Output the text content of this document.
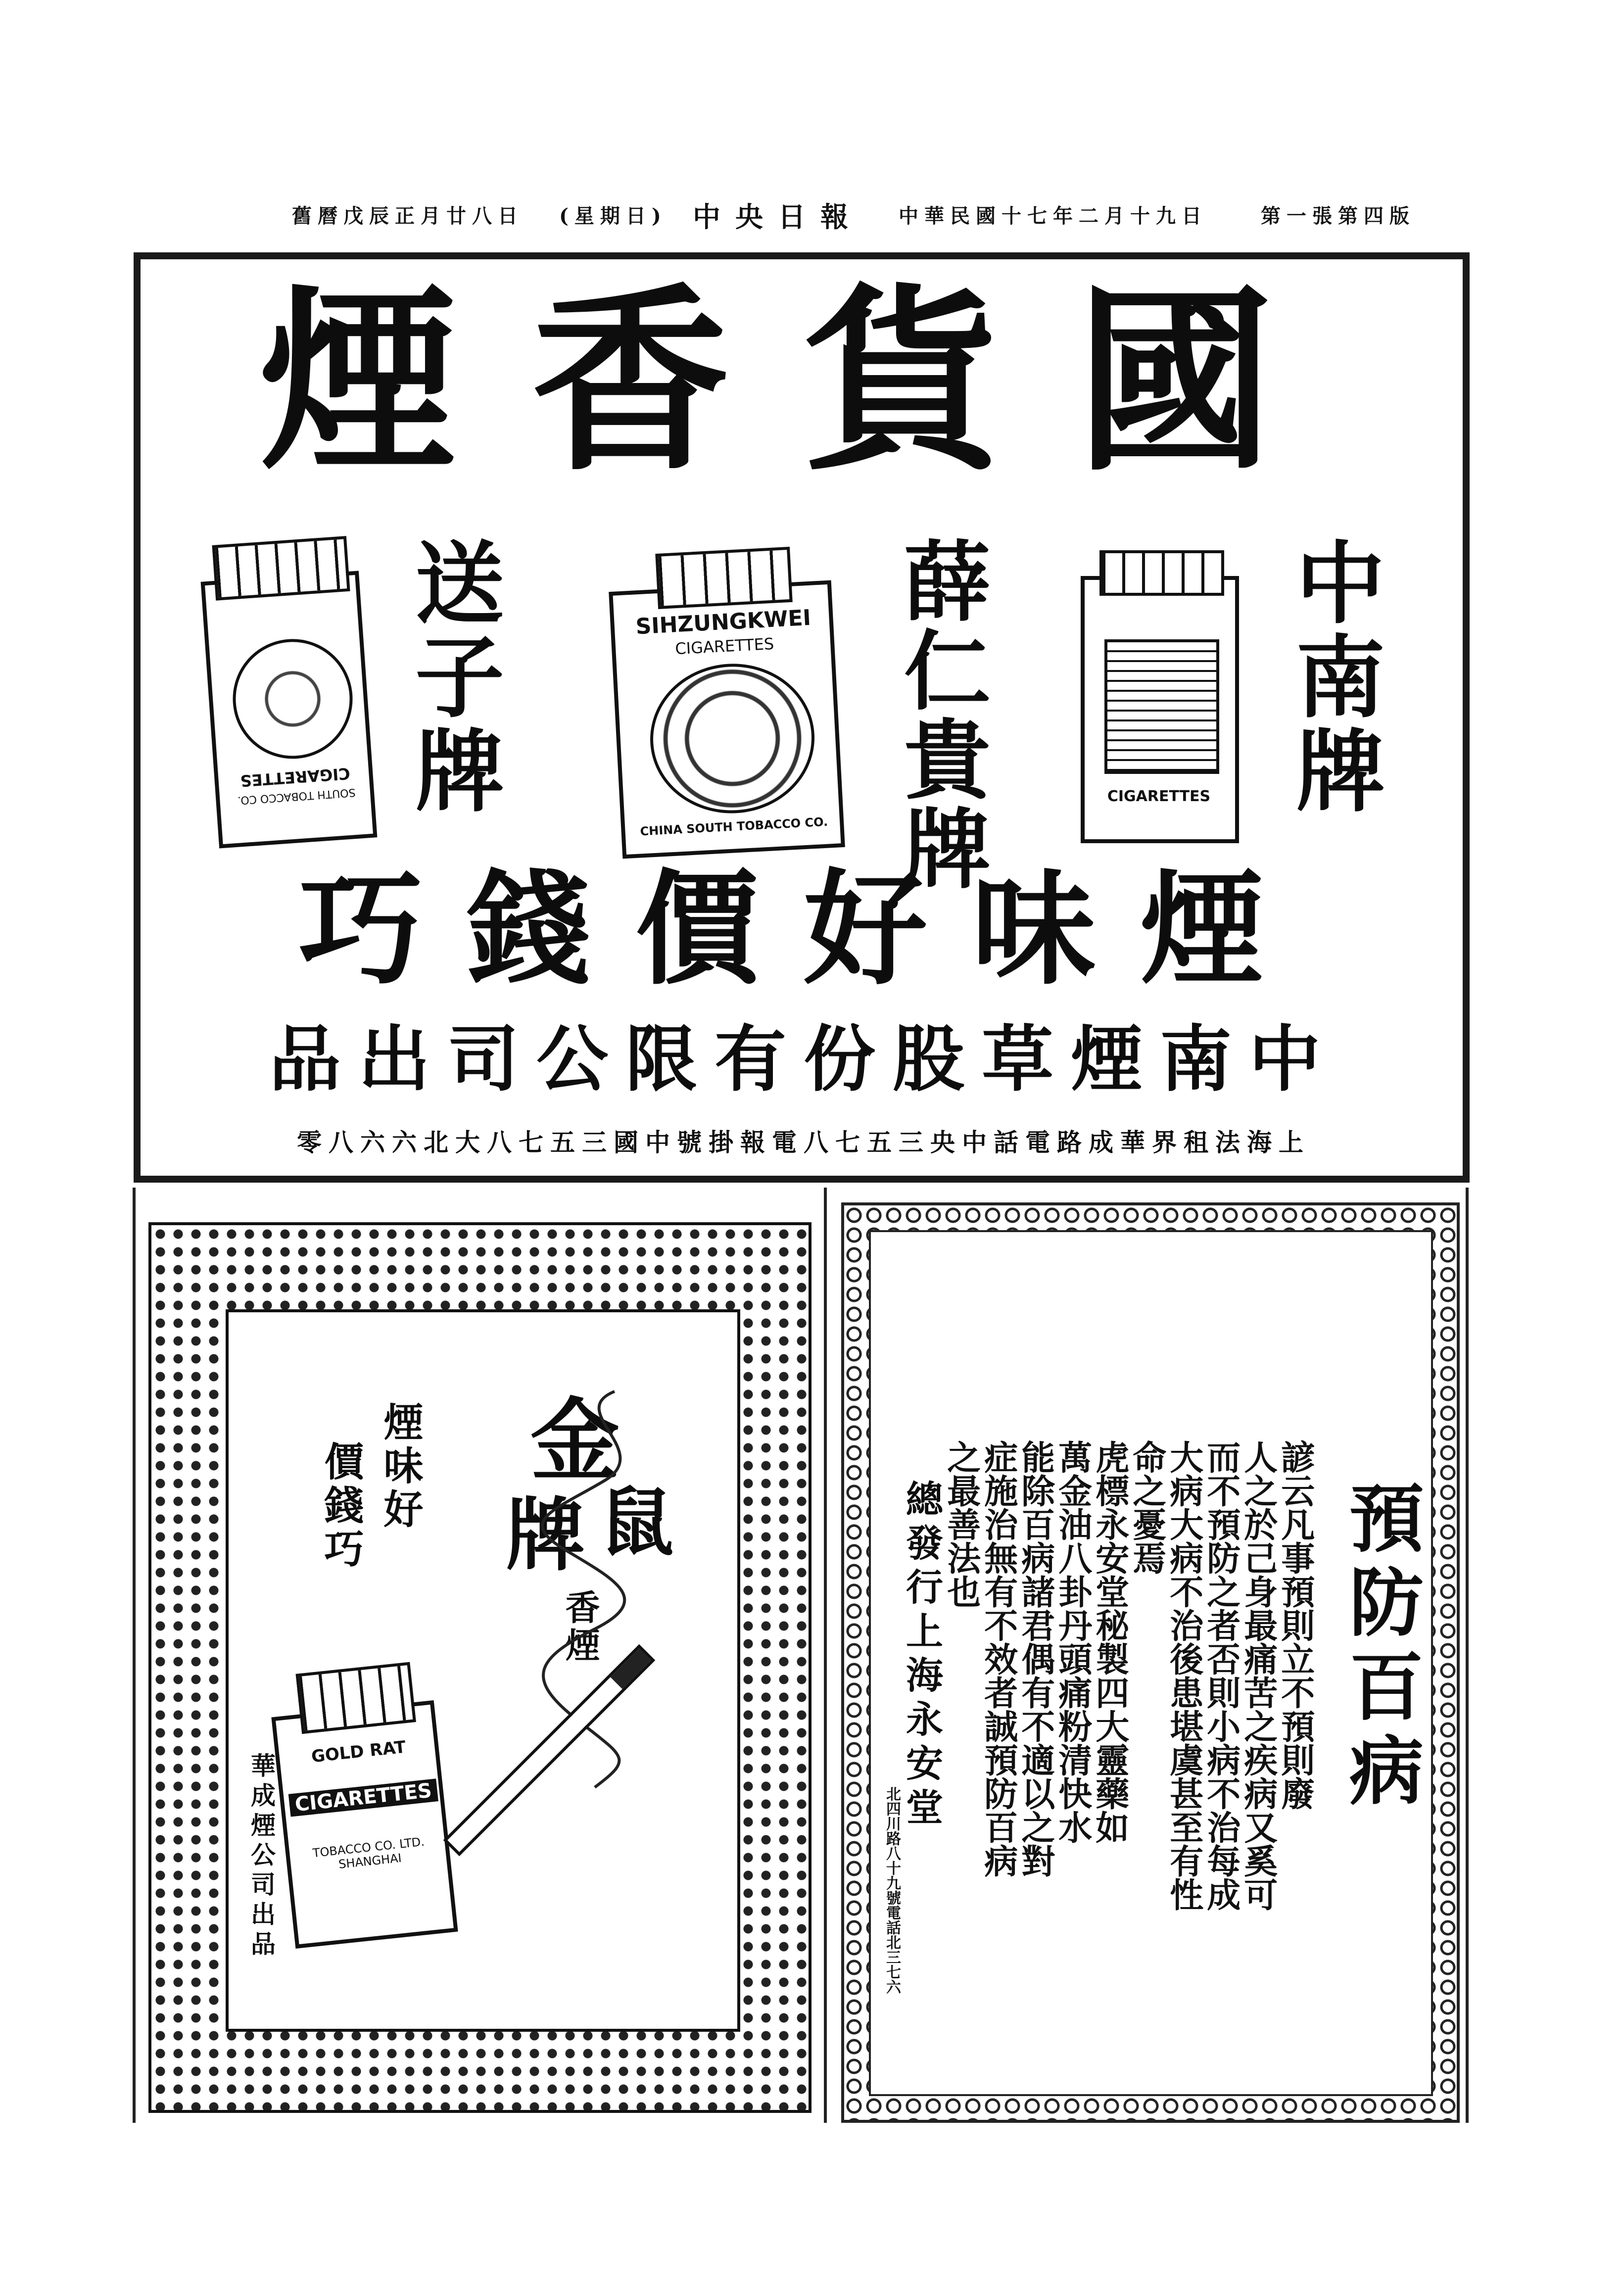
第一張第四版
中華民國十七年二月十九日
中央日報
(星期日)
舊曆戊辰正月廿八日
國貨香煙
中南牌
CIGARETTES
薛仁貴牌
SIHZUNGKWEI
CIGARETTES
CHINA SOUTH TOBACCO CO.
送子牌
CIGARETTES
SOUTH TOBACCO CO.
煙味好價錢巧
中南煙草股份有限公司出品
上海法租界華成路電話中央三五七八電報掛號中國三五七八大北六六八零
煙味好
價錢巧
金
鼠
牌
香煙
GOLD RAT
CIGARETTES
TOBACCO CO. LTD. SHANGHAI
華成煙公司出品
預防百病
諺云凡事預則立不預則廢
人之於己身最痛苦之疾病又奚可
而不預防之者否則小病不治每成
大病大病不治後患堪虞甚至有性
命之憂焉
虎標永安堂秘製四大靈藥如
萬金油八卦丹頭痛粉清快水
能除百病諸君偶有不適以之對
症施治無有不效者誠預防百病
之最善法也
總發行上海永安堂
北四川路八十九號電話北三七六
